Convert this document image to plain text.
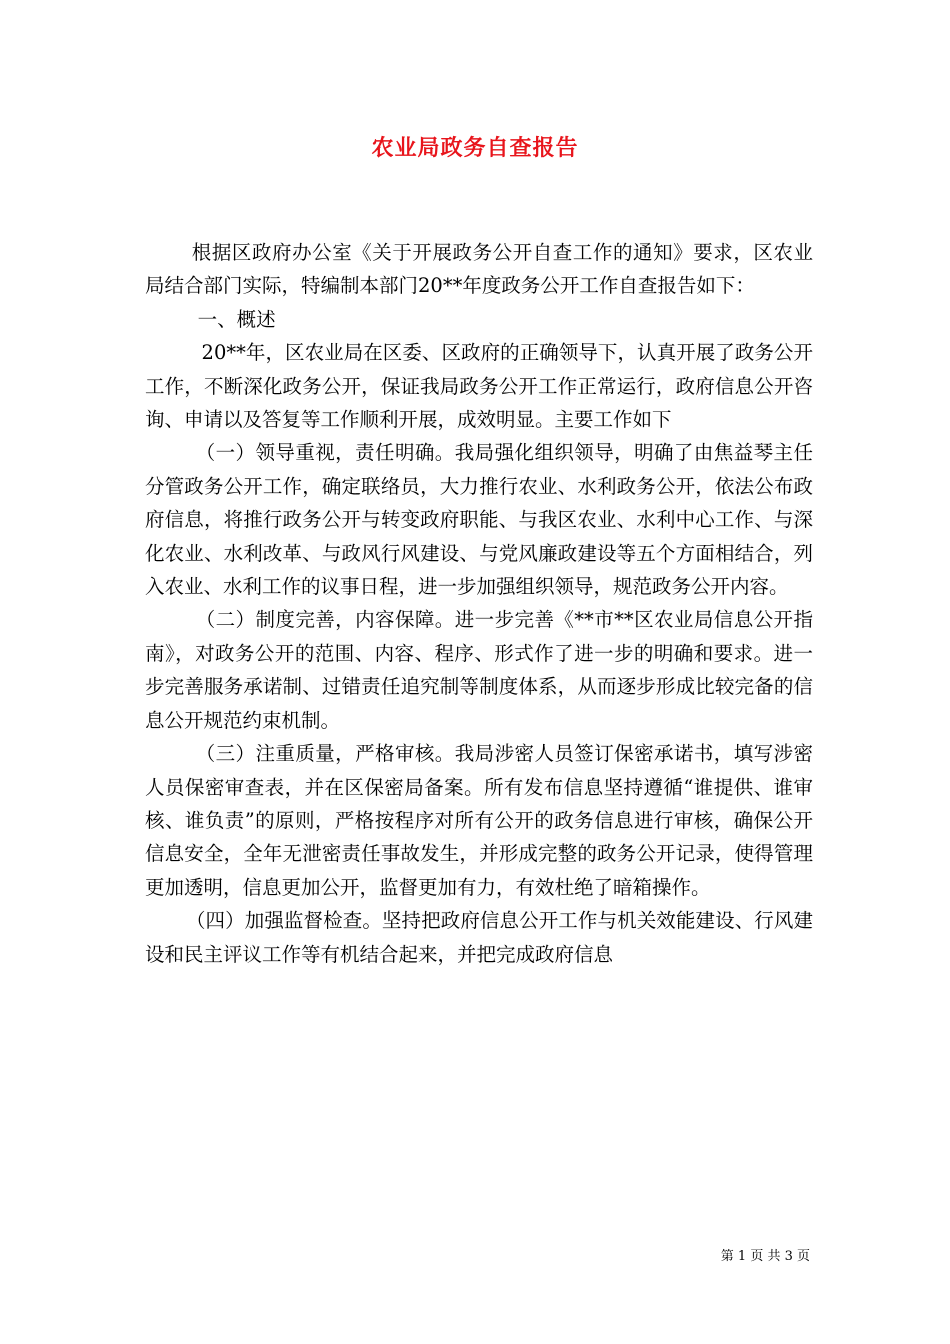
农业局政务自查报告

根据区政府办公室《关于开展政务公开自查工作的通知》要求，区农业局结合部门实际，特编制本部门20**年度政务公开工作自查报告如下：

一、概述

20**年，区农业局在区委、区政府的正确领导下，认真开展了政务公开工作，不断深化政务公开，保证我局政务公开工作正常运行，政府信息公开咨询、申请以及答复等工作顺利开展，成效明显。主要工作如下

（一）领导重视，责任明确。我局强化组织领导，明确了由焦益琴主任分管政务公开工作，确定联络员，大力推行农业、水利政务公开，依法公布政府信息，将推行政务公开与转变政府职能、与我区农业、水利中心工作、与深化农业、水利改革、与政风行风建设、与党风廉政建设等五个方面相结合，列入农业、水利工作的议事日程，进一步加强组织领导，规范政务公开内容。

（二）制度完善，内容保障。进一步完善《**市**区农业局信息公开指南》，对政务公开的范围、内容、程序、形式作了进一步的明确和要求。进一步完善服务承诺制、过错责任追究制等制度体系，从而逐步形成比较完备的信息公开规范约束机制。

（三）注重质量，严格审核。我局涉密人员签订保密承诺书，填写涉密人员保密审查表，并在区保密局备案。所有发布信息坚持遵循“谁提供、谁审核、谁负责”的原则，严格按程序对所有公开的政务信息进行审核，确保公开信息安全，全年无泄密责任事故发生，并形成完整的政务公开记录，使得管理更加透明，信息更加公开，监督更加有力，有效杜绝了暗箱操作。

（四）加强监督检查。坚持把政府信息公开工作与机关效能建设、行风建设和民主评议工作等有机结合起来，并把完成政府信息

第 1 页 共 3 页
